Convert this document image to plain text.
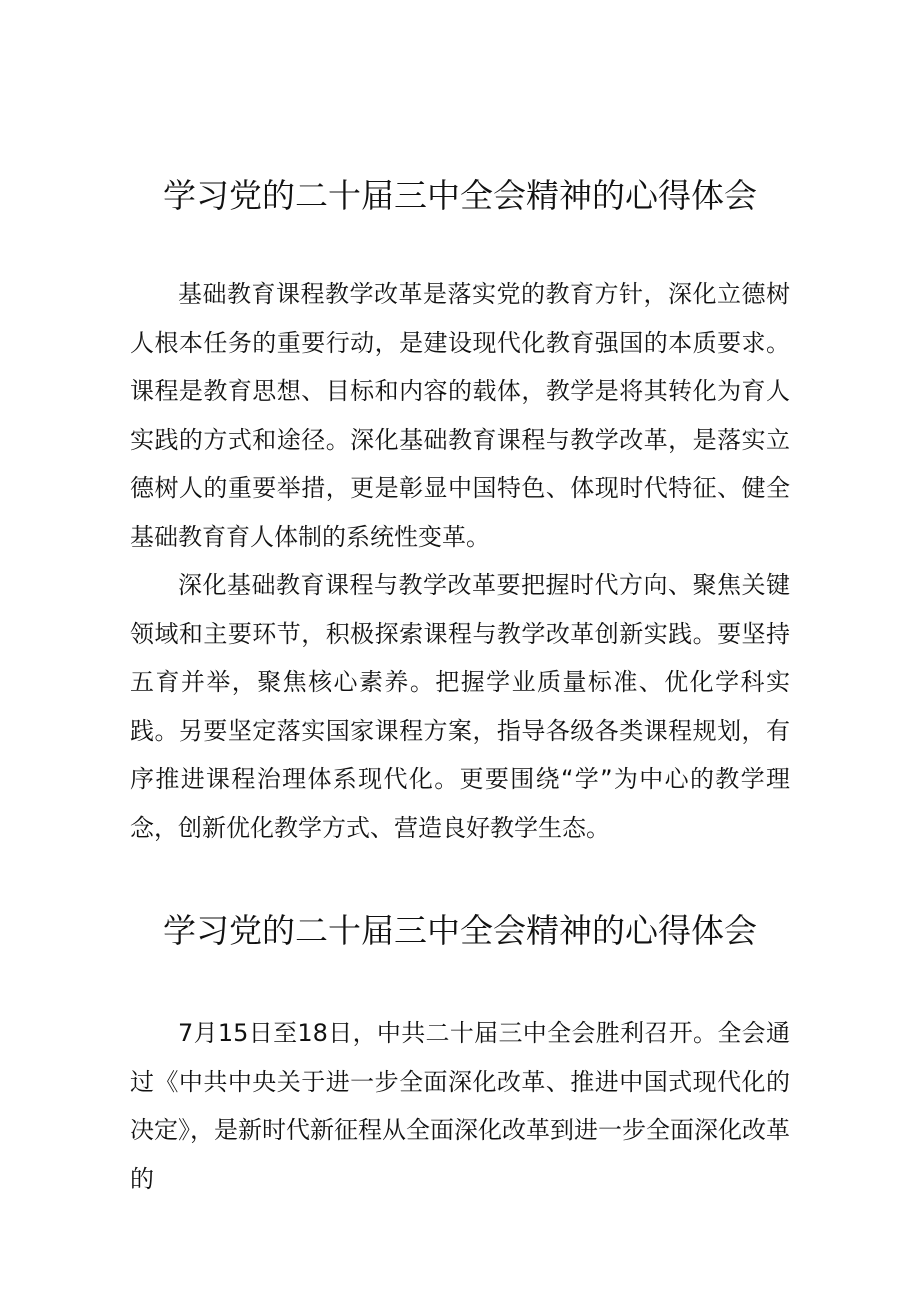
学习党的二十届三中全会精神的心得体会

基础教育课程教学改革是落实党的教育方针，深化立德树人根本任务的重要行动，是建设现代化教育强国的本质要求。课程是教育思想、目标和内容的载体，教学是将其转化为育人实践的方式和途径。深化基础教育课程与教学改革，是落实立德树人的重要举措，更是彰显中国特色、体现时代特征、健全基础教育育人体制的系统性变革。

深化基础教育课程与教学改革要把握时代方向、聚焦关键领域和主要环节，积极探索课程与教学改革创新实践。要坚持五育并举，聚焦核心素养。把握学业质量标准、优化学科实践。另要坚定落实国家课程方案，指导各级各类课程规划，有序推进课程治理体系现代化。更要围绕“学”为中心的教学理念，创新优化教学方式、营造良好教学生态。

学习党的二十届三中全会精神的心得体会

7月15日至18日，中共二十届三中全会胜利召开。全会通过《中共中央关于进一步全面深化改革、推进中国式现代化的决定》，是新时代新征程从全面深化改革到进一步全面深化改革的
